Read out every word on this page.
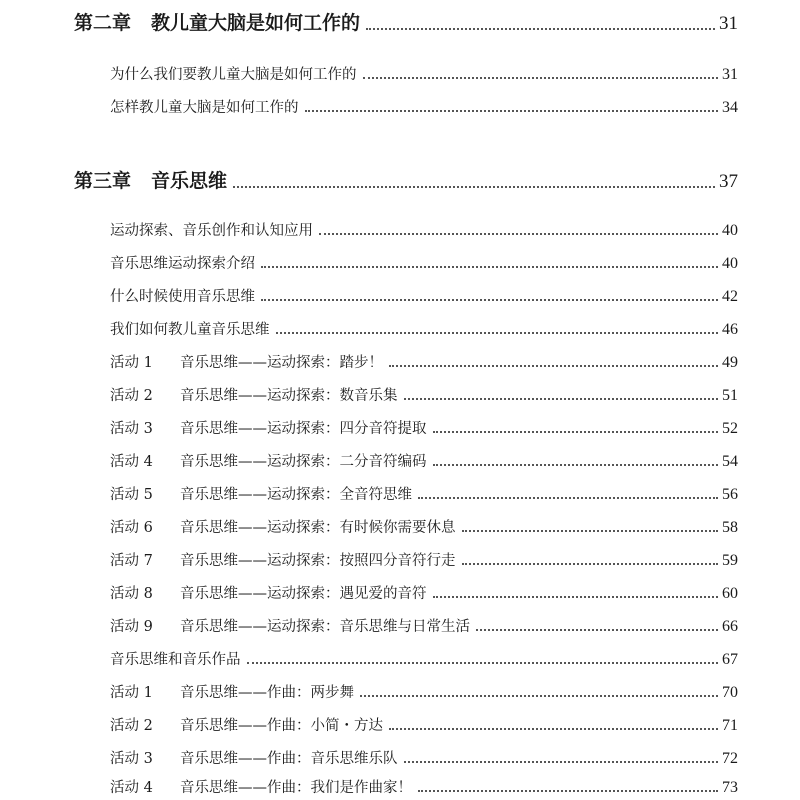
第二章 教儿童大脑是如何工作的	31
为什么我们要教儿童大脑是如何工作的	31
怎样教儿童大脑是如何工作的	34
第三章 音乐思维	37
运动探索、音乐创作和认知应用	40
音乐思维运动探索介绍	40
什么时候使用音乐思维	42
我们如何教儿童音乐思维	46
活动 1 音乐思维——运动探索：踏步！	49
活动 2 音乐思维——运动探索：数音乐集	51
活动 3 音乐思维——运动探索：四分音符提取	52
活动 4 音乐思维——运动探索：二分音符编码	54
活动 5 音乐思维——运动探索：全音符思维	56
活动 6 音乐思维——运动探索：有时候你需要休息	58
活动 7 音乐思维——运动探索：按照四分音符行走	59
活动 8 音乐思维——运动探索：遇见爱的音符	60
活动 9 音乐思维——运动探索：音乐思维与日常生活	66
音乐思维和音乐作品	67
活动 1 音乐思维——作曲：两步舞	70
活动 2 音乐思维——作曲：小简・方达	71
活动 3 音乐思维——作曲：音乐思维乐队	72
活动 4 音乐思维——作曲：我们是作曲家！	73
